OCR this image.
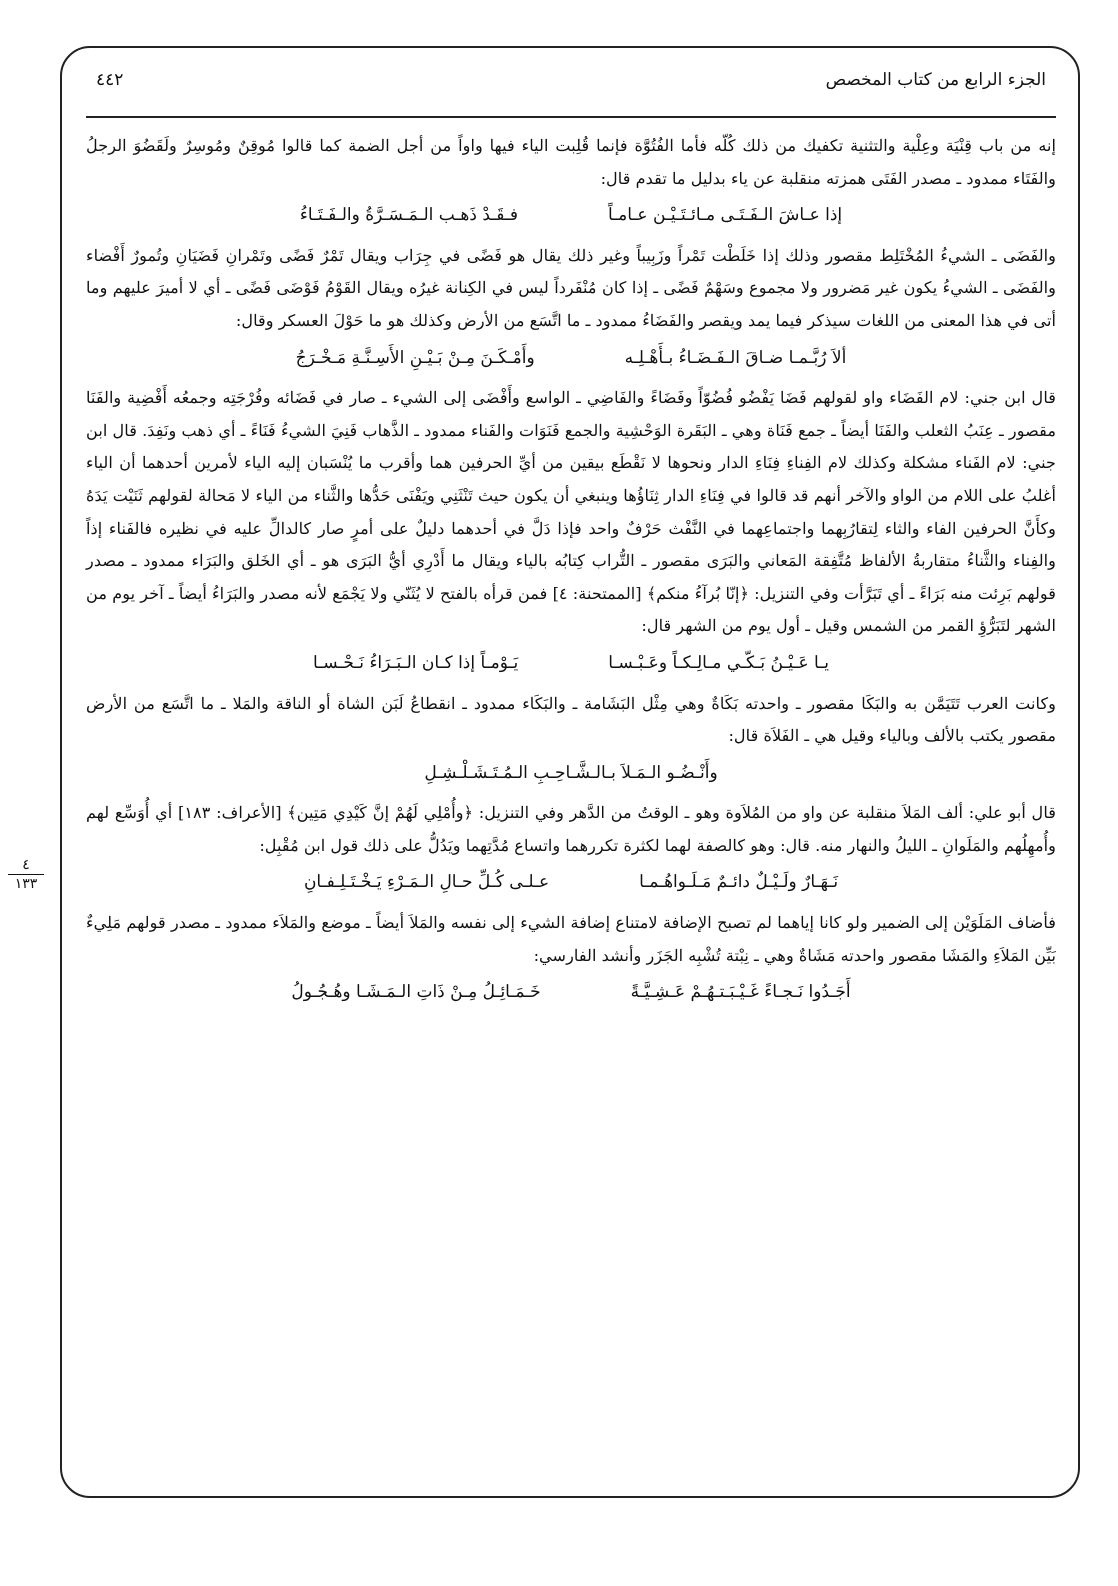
الجزء الرابع من كتاب المخصص
٤٤٢
٤
١٣٣

إنه من باب قِنْيَة وعِلْية والتثنية تكفيك من ذلك كُلّه فأما الفُتُوَّة فإنما قُلِبت الياء فيها واواً من أجل الضمة كما قالوا مُوقِنٌ ومُوسِرٌ ولَقَضُوَ الرجلُ والفَتَاء ممدود ـ مصدر الفَتَى همزته منقلبة عن ياء بدليل ما تقدم قال:

إذا عـاشَ الـفَـتَـى مـائـتَـيْـن عـامـاً
فـقَـدْ ذَهـب الـمَـسَـرَّةُ والـفَـتَـاءُ

والفَضَى ـ الشيءُ المُخْتَلِط مقصور وذلك إذا خَلَطْت تَمْراً وزَبِيباً وغير ذلك يقال هو فَضًى في جِرَاب ويقال تَمْرٌ فَضًى وتَمْرانِ فَضَيَانِ وتُمورٌ أَفْضاء والفَضَى ـ الشيءُ يكون غير مَضرور ولا مجموع وسَهْمٌ فَضًى ـ إذا كان مُنْفَرداً ليس في الكِنانة غيرُه ويقال القَوْمُ فَوْضَى فَضًى ـ أي لا أميرَ عليهم وما أتى في هذا المعنى من اللغات سيذكر فيما يمد ويقصر والفَضَاءُ ممدود ـ ما اتَّسَع من الأرض وكذلك هو ما حَوْلَ العسكر وقال:

ألاَ رُبَّـمـا ضـاقَ الـفَـضَـاءُ بـأَهْـلِـه
وأَمْـكَـنَ مِـنْ بَـيْـنِ الأَسِـنَّـةِ مَـخْـرَجُ

قال ابن جني: لام الفَضَاء واو لقولهم فَضَا يَفْضُو فُضُوّاً وفَضَاءً والفَاضِي ـ الواسع وأَفْضَى إلى الشيء ـ صار في فَضَائه وفُرْجَتِه وجمعُه أَفْضِية والفَنَا مقصور ـ عِنَبُ الثعلب والفَنَا أيضاً ـ جمع فَنَاة وهي ـ البَقَرة الوَحْشِية والجمع فَنَوَات والفَناء ممدود ـ الذَّهاب فَنِيَ الشيءُ فَنَاءً ـ أي ذهب ونَفِدَ. قال ابن جني: لام الفَناء مشكلة وكذلك لام الفِناءِ فِنَاءِ الدار ونحوها لا نَقْطَع بيقين من أيِّ الحرفين هما وأقرب ما يُنْسَبان إليه الياء لأمرين أحدهما أن الياء أغلبُ على اللام من الواو والآخر أنهم قد قالوا في فِنَاءِ الدار ثِنَاؤُها وينبغي أن يكون حيث تَنْثَنِي ويَفْنَى حَدُّها والثَّناء من الياء لا مَحالة لقولهم ثَنَيْت يَدَهُ وكأَنَّ الحرفين الفاء والثاء لِتقارُبِهما واجتماعِهما في النَّفْث حَرْفٌ واحد فإذا دَلَّ في أحدهما دليلٌ على أمرٍ صار كالدالِّ عليه في نظيره فالفَناء إذاً والفِناء والثَّناءُ متقاربةُ الألفاظ مُتَّفِقة المَعاني والبَرَى مقصور ـ التُّراب كِتابُه بالياء ويقال ما أَدْرِي أيُّ البَرَى هو ـ أي الخَلق والبَرَاء ممدود ـ مصدر قولهم بَرِئت منه بَرَاءً ـ أي تَبَرَّأت وفي التنزيل: ﴿إنّا بُرآءُ منكم﴾ [الممتحنة: ٤] فمن قرأه بالفتح لا يُثَنّي ولا يَجْمَع لأنه مصدر والبَرَاءُ أيضاً ـ آخر يوم من الشهر لتَبَرُّؤِ القمر من الشمس وقيل ـ أول يوم من الشهر قال:

يـا عَـيْـنُ بَـكّـي مـالِـكـاً وعَـبْـسـا
يَـوْمـاً إذا كـان الـبَـرَاءُ نَـحْـسـا

وكانت العرب تَتَيَمَّن به والبَكَا مقصور ـ واحدته بَكَاةٌ وهي مِثْل البَشَامة ـ والبَكَاء ممدود ـ انقطاعُ لَبَن الشاة أو الناقة والمَلا ـ ما اتَّسَع من الأرض مقصور يكتب بالألف وبالياء وقيل هي ـ الفَلاَة قال:

وأَنْـضُـو الـمَـلاَ بـالـشَّـاحِـبِ الـمُـتَـشَـلْـشِـلِ

قال أبو علي: ألف المَلاَ منقلبة عن واو من المُلاَوة وهو ـ الوقتُ من الدَّهر وفي التنزيل: ﴿وأُمْلِي لَهُمْ إنَّ كَيْدِي مَتِين﴾ [الأعراف: ١٨٣] أي أُوَسِّع لهم وأُمهِلُهم والمَلَوانِ ـ الليلُ والنهار منه. قال: وهو كالصفة لهما لكثرة تكررهما واتساع مُدَّتِهما ويَدُلُّ على ذلك قول ابن مُقْبِل:

نَـهَـارٌ ولَـيْـلٌ دائـمٌ مَـلَـواهُـمـا
عـلـى كُـلِّ حـالِ الـمَـرْءِ يَـخْـتَـلِـفـانِ

فأضاف المَلَوَيْن إلى الضمير ولو كانا إياهما لم تصبح الإضافة لامتناع إضافة الشيء إلى نفسه والمَلاَ أيضاً ـ موضع والمَلاَء ممدود ـ مصدر قولهم مَلِيءٌ بَيِّن المَلاَءِ والمَشَا مقصور واحدته مَشَاةٌ وهي ـ نِبْتة تُشْبِه الجَزَر وأنشد الفارسي:

أَجَـدُوا نَـجـاءً غَـيْـبَـتـهُـمْ عَـشِـيَّـةً
خَـمَـائِـلُ مِـنْ ذَاتِ الـمَـشَـا وهُـجُـولُ
